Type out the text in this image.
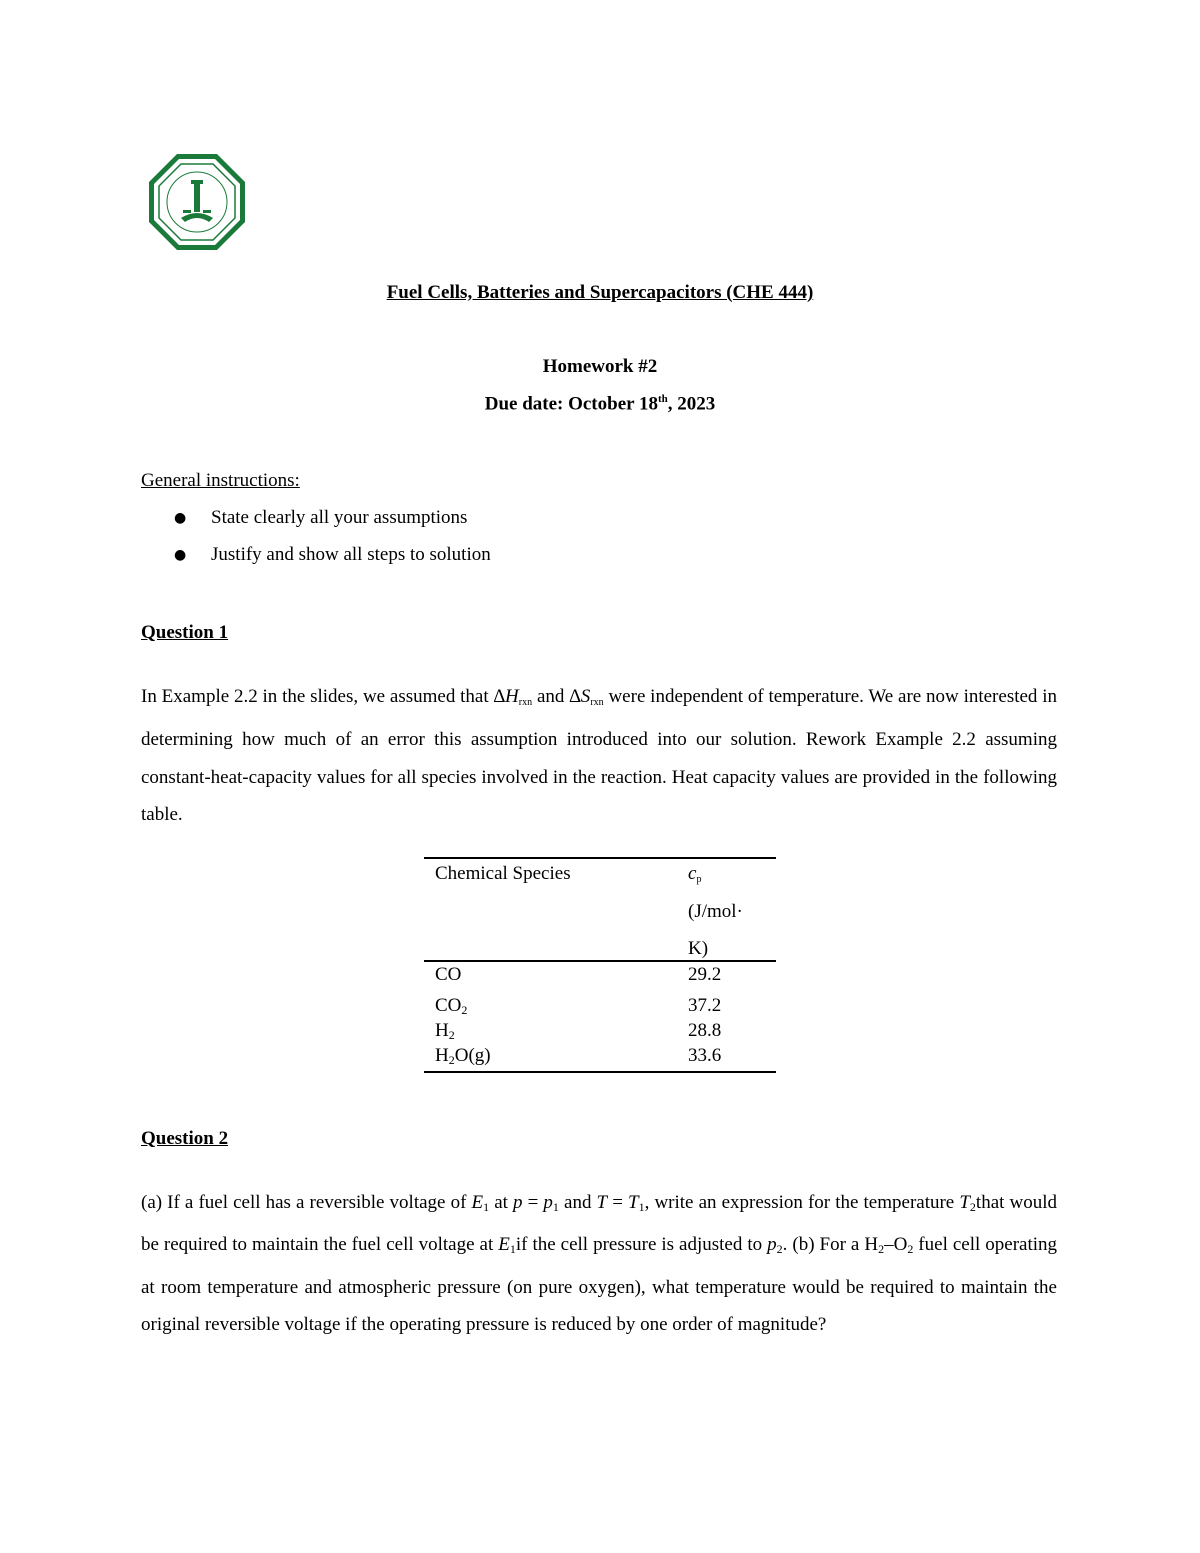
Fuel Cells, Batteries and Supercapacitors (CHE 444)
Homework #2
Due date: October 18th, 2023
General instructions:
● State clearly all your assumptions
● Justify and show all steps to solution
Question 1
In Example 2.2 in the slides, we assumed that $\Delta H_{rxn}$ and $\Delta S_{rxn}$ were independent of temperature. We are now interested in determining how much of an error this assumption introduced into our solution. Rework Example 2.2 assuming constant-heat-capacity values for all species involved in the reaction. Heat capacity values are provided in the following table.
Chemical Species	$c_p$
(J/mol·
K)
CO	29.2
$CO_2$	37.2
$H_2$	28.8
$H_2O(g)$	33.6
Question 2
(a) If a fuel cell has a reversible voltage of $E_1$ at $p = p_1$ and $T = T_1$, write an expression for the temperature $T_2that$ would be required to maintain the fuel cell voltage at $E_1if$ the cell pressure is adjusted to $p_2$. (b) For a $H_2-O_2$ fuel cell operating at room temperature and atmospheric pressure (on pure oxygen), what temperature would be required to maintain the original reversible voltage if the operating pressure is reduced by one order of magnitude?
